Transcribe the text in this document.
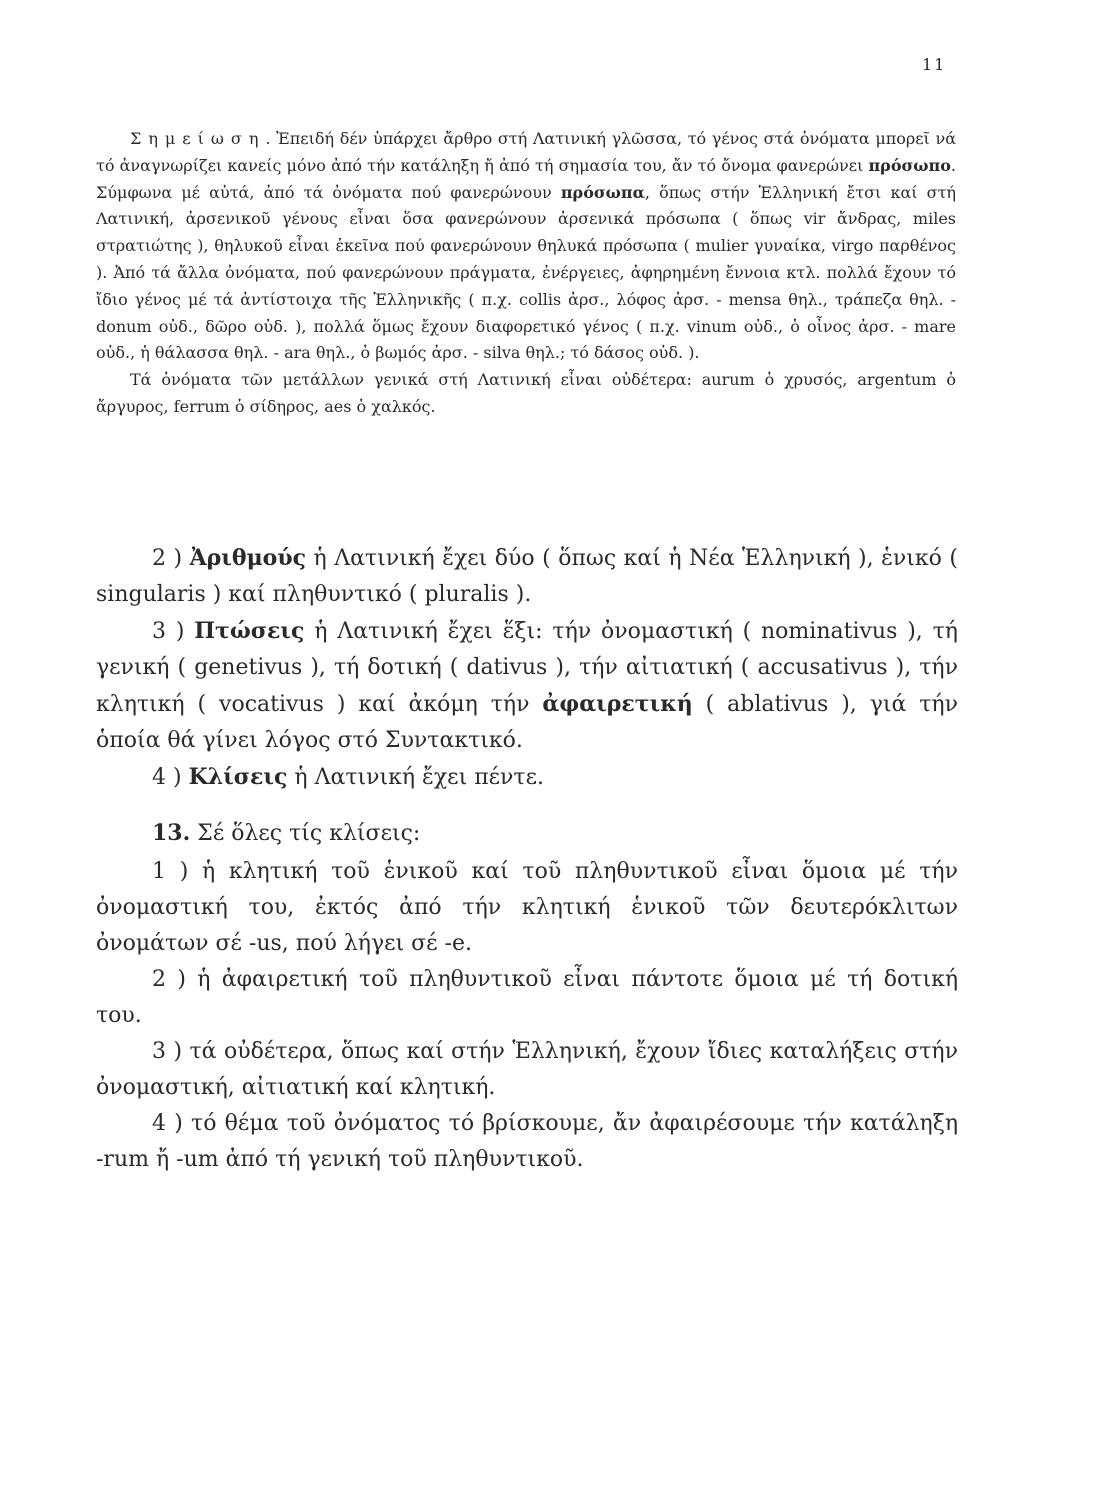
11

Σημείωση. Ἐπειδή δέν ὑπάρχει ἄρθρο στή Λατινική γλῶσσα, τό γένος στά ὀνόματα μπορεῖ νά τό ἀναγνωρίζει κανείς μόνο ἀπό τήν κατάληξη ἤ ἀπό τή σημασία του, ἄν τό ὄνομα φανερώνει πρόσωπο. Σύμφωνα μέ αὐτά, ἀπό τά ὀνόματα πού φανερώνουν πρόσωπα, ὅπως στήν Ἑλληνική ἔτσι καί στή Λατινική, ἀρσενικοῦ γένους εἶναι ὅσα φανερώνουν ἀρσενικά πρόσωπα ( ὅπως vir ἄνδρας, miles στρατιώτης ), θηλυκοῦ εἶναι ἐκεῖνα πού φανερώνουν θηλυκά πρόσωπα ( mulier γυναίκα, virgo παρθένος ). Ἀπό τά ἄλλα ὀνόματα, πού φανερώνουν πράγματα, ἐνέργειες, ἀφηρημένη ἔννοια κτλ. πολλά ἔχουν τό ἴδιο γένος μέ τά ἀντίστοιχα τῆς Ἑλληνικῆς ( π.χ. collis ἀρσ., λόφος ἀρσ. - mensa θηλ., τράπεζα θηλ. - donum οὐδ., δῶρο οὐδ. ), πολλά ὅμως ἔχουν διαφορετικό γένος ( π.χ. vinum οὐδ., ὁ οἶνος ἀρσ. - mare οὐδ., ἡ θάλασσα θηλ. - ara θηλ., ὁ βωμός ἀρσ. - silva θηλ.; τό δάσος οὐδ. ).

Τά ὀνόματα τῶν μετάλλων γενικά στή Λατινική εἶναι οὐδέτερα: aurum ὁ χρυσός, argentum ὁ ἄργυρος, ferrum ὁ σίδηρος, aes ὁ χαλκός.

2 ) Ἀριθμούς ἡ Λατινική ἔχει δύο ( ὅπως καί ἡ Νέα Ἑλληνική ), ἑνικό ( singularis ) καί πληθυντικό ( pluralis ).

3 ) Πτώσεις ἡ Λατινική ἔχει ἕξι: τήν ὀνομαστική ( nominativus ), τή γενική ( genetivus ), τή δοτική ( dativus ), τήν αἰτιατική ( accusativus ), τήν κλητική ( vocativus ) καί ἀκόμη τήν ἀφαιρετική ( ablativus ), γιά τήν ὁποία θά γίνει λόγος στό Συντακτικό.

4 ) Κλίσεις ἡ Λατινική ἔχει πέντε.

13. Σέ ὅλες τίς κλίσεις:

1 ) ἡ κλητική τοῦ ἑνικοῦ καί τοῦ πληθυντικοῦ εἶναι ὅμοια μέ τήν ὀνομαστική του, ἐκτός ἀπό τήν κλητική ἑνικοῦ τῶν δευτερόκλιτων ὀνομάτων σέ -us, πού λήγει σέ -e.

2 ) ἡ ἀφαιρετική τοῦ πληθυντικοῦ εἶναι πάντοτε ὅμοια μέ τή δοτική του.

3 ) τά οὐδέτερα, ὅπως καί στήν Ἑλληνική, ἔχουν ἴδιες καταλήξεις στήν ὀνομαστική, αἰτιατική καί κλητική.

4 ) τό θέμα τοῦ ὀνόματος τό βρίσκουμε, ἄν ἀφαιρέσουμε τήν κατάληξη -rum ἤ -um ἀπό τή γενική τοῦ πληθυντικοῦ.
